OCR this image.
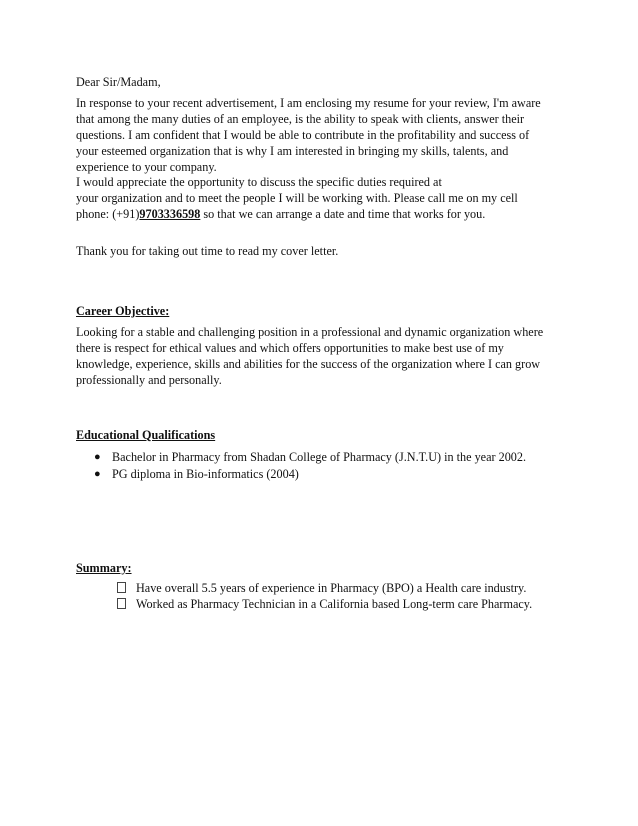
Dear Sir/Madam,
In response to your recent advertisement, I am enclosing my resume for your review, I'm aware
that among the many duties of an employee, is the ability to speak with clients, answer their
questions. I am confident that I would be able to contribute in the profitability and success of
your esteemed organization that is why I am interested in bringing my skills, talents, and
experience to your company.
I would appreciate the opportunity to discuss the specific duties required at
your organization and to meet the people I will be working with. Please call me on my cell
phone: (+91)9703336598 so that we can arrange a date and time that works for you.
Thank you for taking out time to read my cover letter.
Career Objective:
Looking for a stable and challenging position in a professional and dynamic organization where
there is respect for ethical values and which offers opportunities to make best use of my
knowledge, experience, skills and abilities for the success of the organization where I can grow
professionally and personally.
Educational Qualifications
● Bachelor in Pharmacy from Shadan College of Pharmacy (J.N.T.U) in the year 2002.
● PG diploma in Bio-informatics (2004)
Summary:
Have overall 5.5 years of experience in Pharmacy (BPO) a Health care industry.
Worked as Pharmacy Technician in a California based Long-term care Pharmacy.
